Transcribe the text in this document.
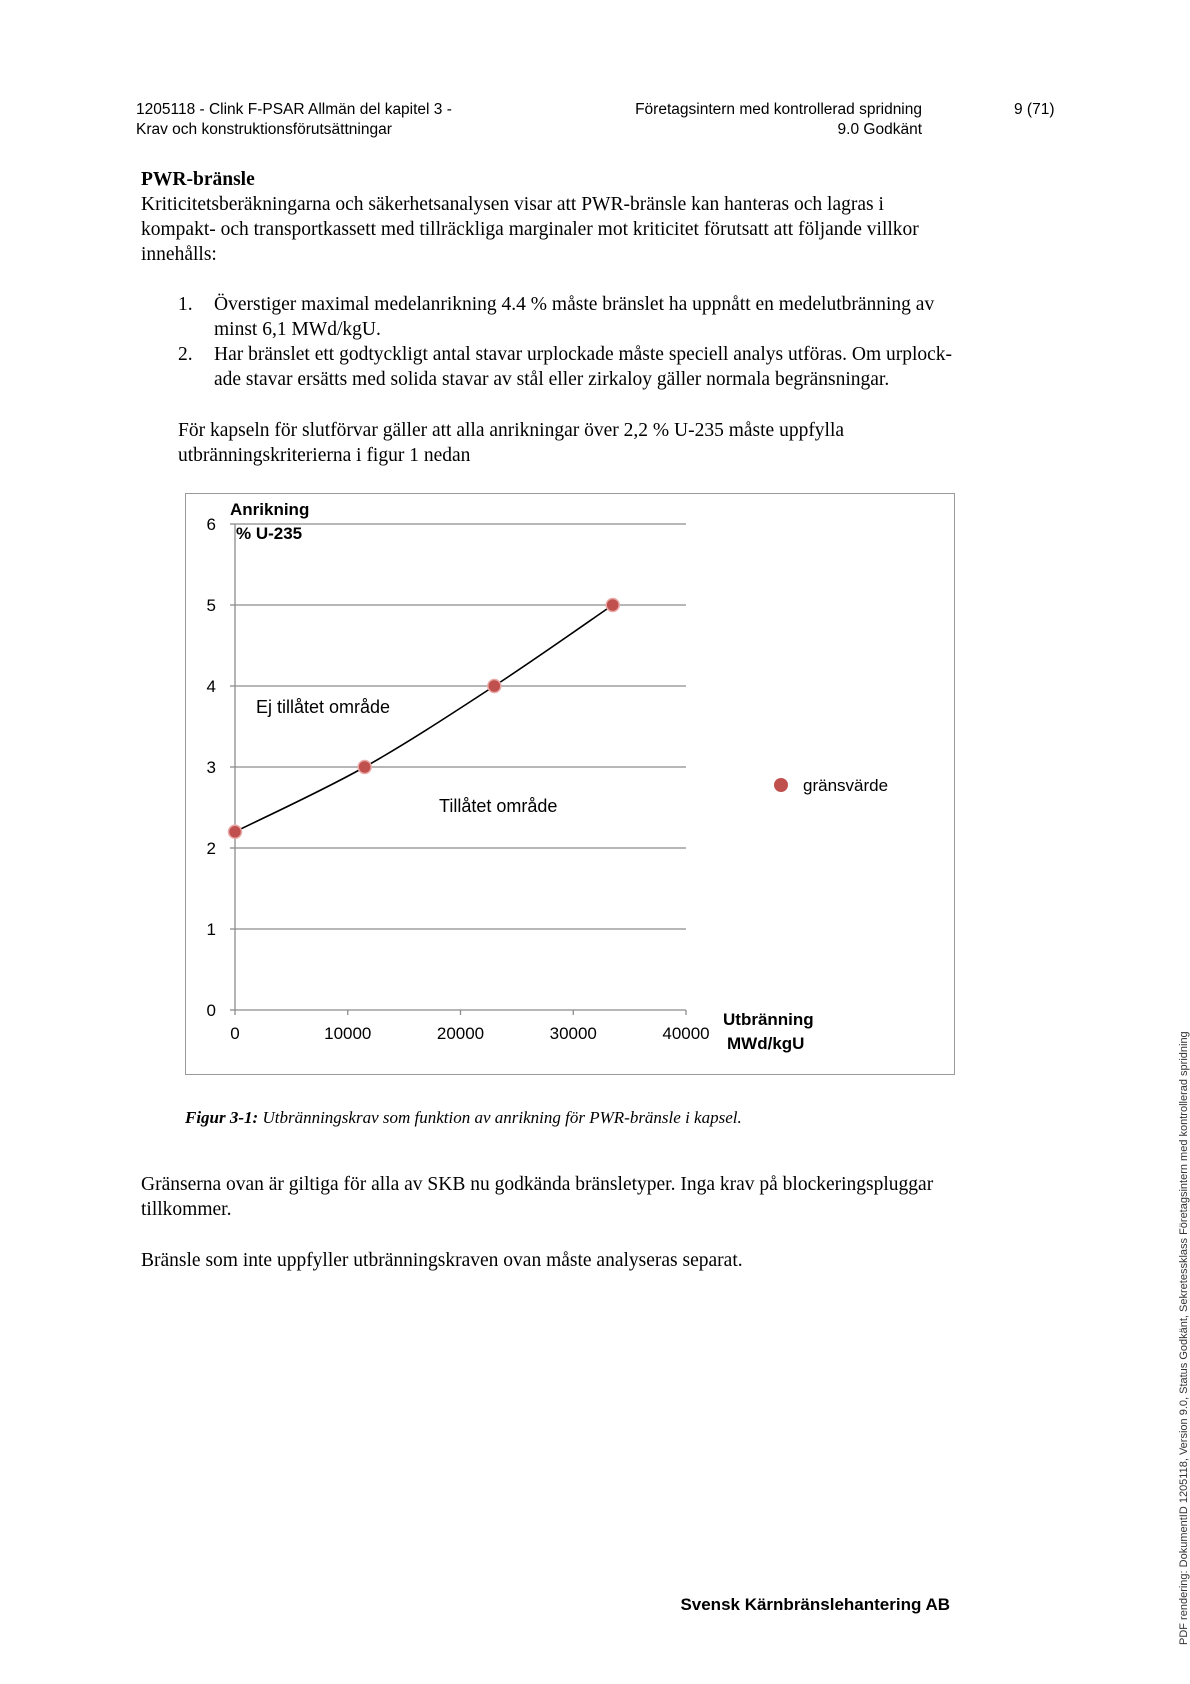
1205118 - Clink F-PSAR Allmän del kapitel 3 -
Krav och konstruktionsförutsättningar
Företagsintern med kontrollerad spridning
9.0 Godkänt
9 (71)
PWR-bränsle
Kriticitetsberäkningarna och säkerhetsanalysen visar att PWR-bränsle kan hanteras och lagras i
kompakt- och transportkassett med tillräckliga marginaler mot kriticitet förutsatt att följande villkor
innehålls:
1. Överstiger maximal medelanrikning 4.4 % måste bränslet ha uppnått en medelutbränning av
minst 6,1 MWd/kgU.
2. Har bränslet ett godtyckligt antal stavar urplockade måste speciell analys utföras. Om urplock-
ade stavar ersätts med solida stavar av stål eller zirkaloy gäller normala begränsningar.
För kapseln för slutförvar gäller att alla anrikningar över 2,2 % U-235 måste uppfylla
utbränningskriterierna i figur 1 nedan
0
1
2
3
4
5
6
0	10000	20000	30000	40000
Anrikning
% U-235
Utbränning
MWd/kgU
Ej tillåtet område
Tillåtet område
gränsvärde
Figur 3-1: Utbränningskrav som funktion av anrikning för PWR-bränsle i kapsel.
Gränserna ovan är giltiga för alla av SKB nu godkända bränsletyper. Inga krav på blockeringspluggar
tillkommer.
Bränsle som inte uppfyller utbränningskraven ovan måste analyseras separat.
Svensk Kärnbränslehantering AB	PDF rendering: DokumentID 1205118, Version 9.0, Status Godkänt, Sekretessklass Företagsintern med kontrollerad spridning
